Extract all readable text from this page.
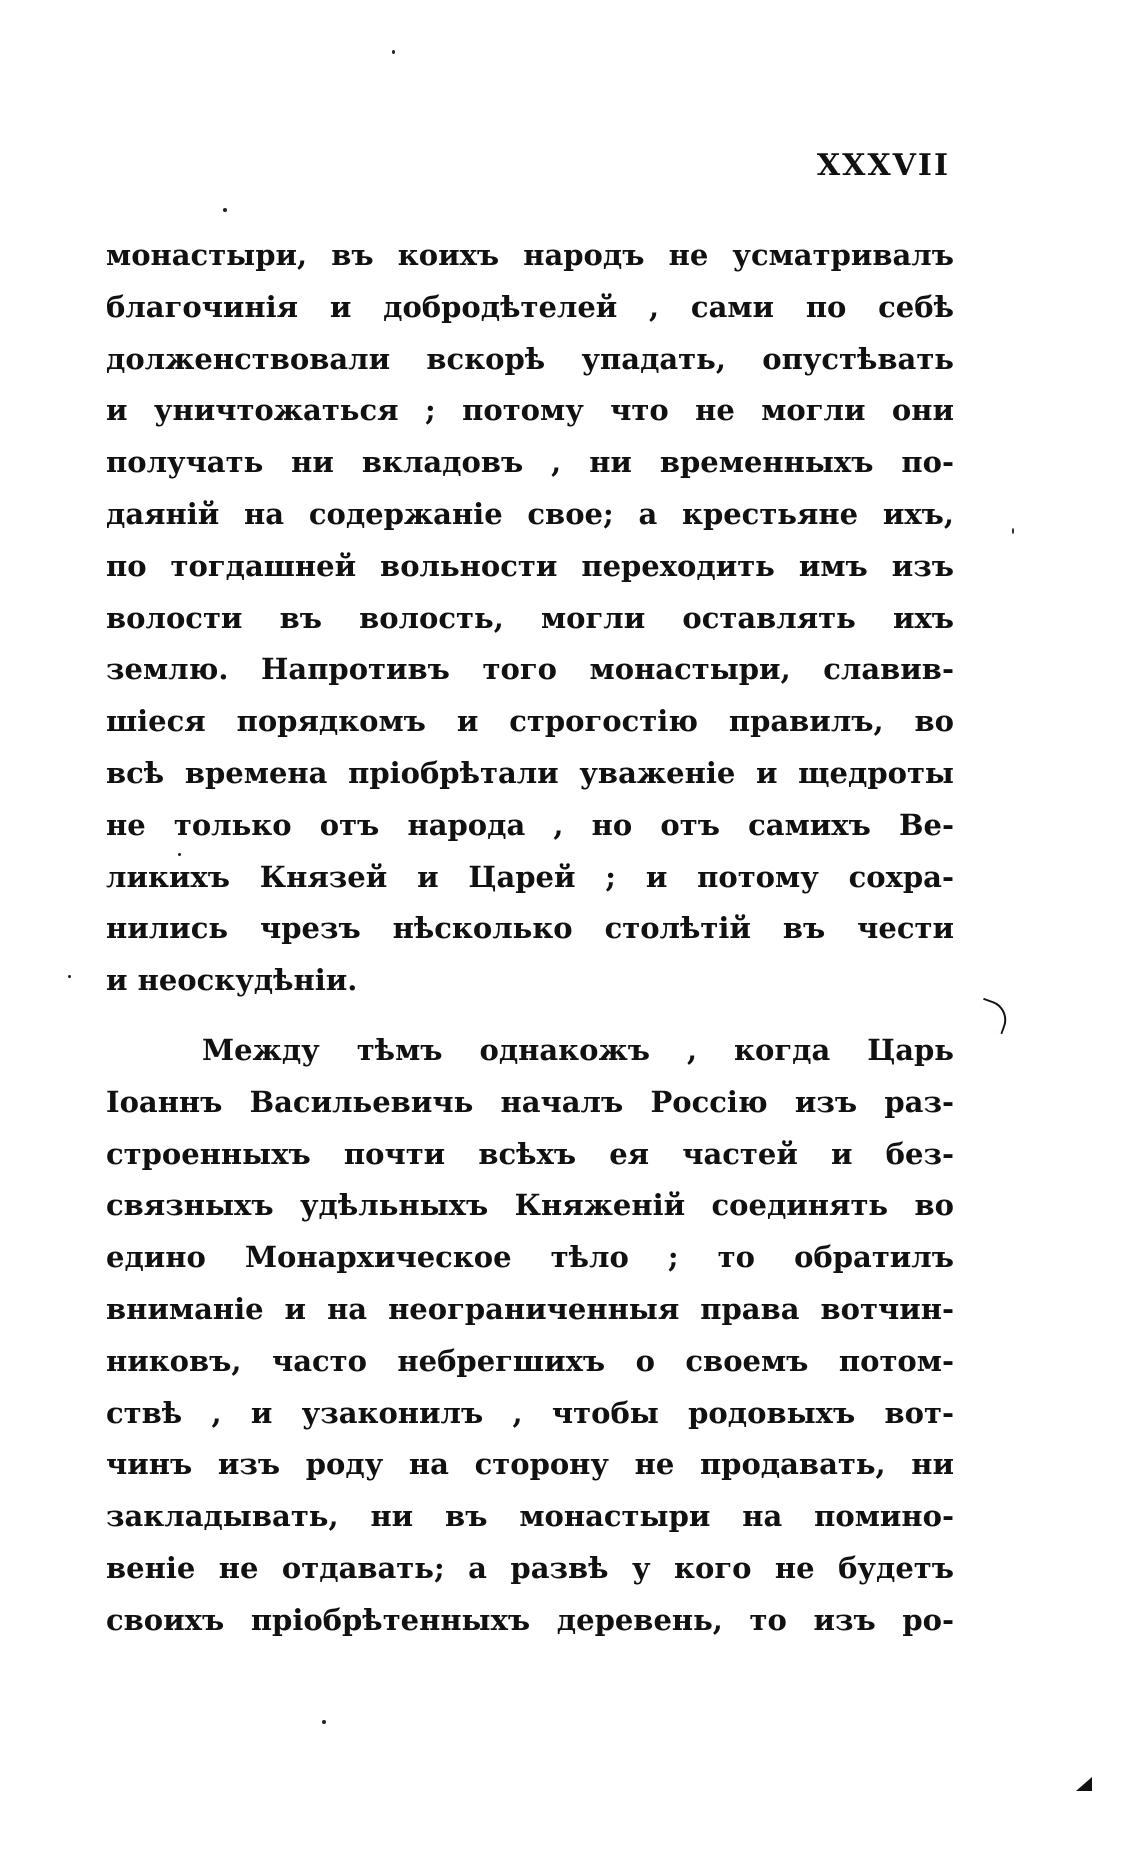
XXXVII
монастыри, въ коихъ народъ не усматривалъ
благочинія и добродѣтелей , сами по себѣ
долженствовали вскорѣ упадать, опустѣвать
и уничтожаться ; потому что не могли они
получать ни вкладовъ , ни временныхъ по-
даяній на содержаніе свое; а крестьяне ихъ,
по тогдашней вольности переходить имъ изъ
волости въ волость, могли оставлять ихъ
землю. Напротивъ того монастыри, славив-
шіеся порядкомъ и строгостію правилъ, во
всѣ времена пріобрѣтали уваженіе и щедроты
не только отъ народа , но отъ самихъ Ве-
ликихъ Князей и Царей ; и потому сохра-
нились чрезъ нѣсколько столѣтій въ чести
и неоскудѣніи.
Между тѣмъ однакожъ , когда Царь
Іоаннъ Васильевичь началъ Россію изъ раз-
строенныхъ почти всѣхъ ея частей и без-
связныхъ удѣльныхъ Княженій соединять во
едино Монархическое тѣло ; то обратилъ
вниманіе и на неограниченныя права вотчин-
никовъ, часто небрегшихъ о своемъ потом-
ствѣ , и узаконилъ , чтобы родовыхъ вот-
чинъ изъ роду на сторону не продавать, ни
закладывать, ни въ монастыри на помино-
веніе не отдавать; а развѣ у кого не будетъ
своихъ пріобрѣтенныхъ деревень, то изъ ро-
